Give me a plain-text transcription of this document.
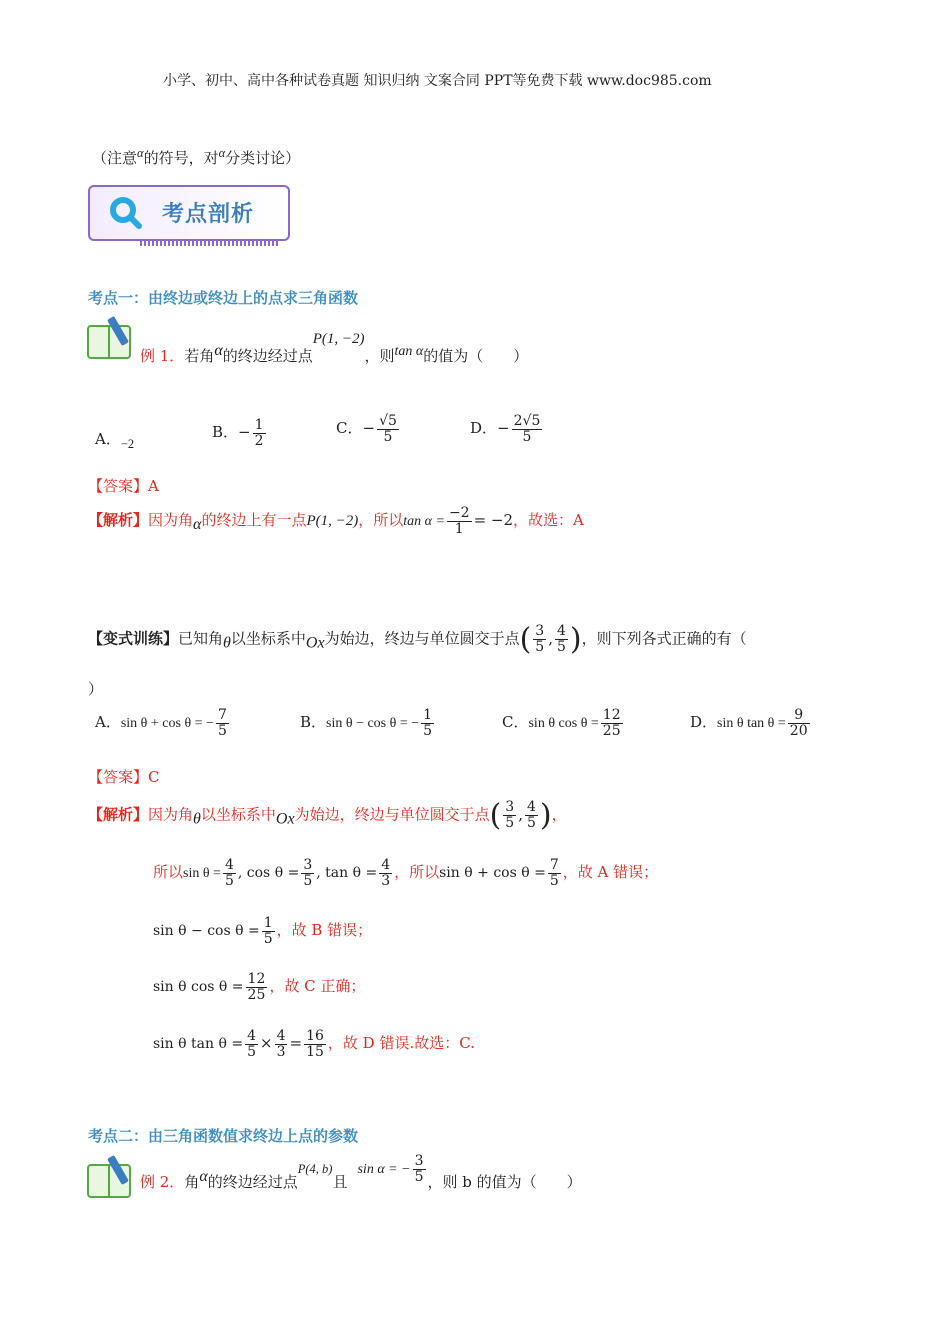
小学、初中、高中各种试卷真题 知识归纳 文案合同 PPT等免费下载 www.doc985.com
（注意$^\alpha$的符号，对$^\alpha$分类讨论）
考点剖析
考点一：由终边或终边上的点求三角函数
例 1．若角$^\alpha$的终边经过点$^{P(1, -2)}$，则$^{tan \alpha}$的值为（　　）
A．$_{-2}$
B．− $\frac{1}{2}$	C．− $\frac{√5}{5}$	D．− $\frac{2√5}{5}$
【答案】A
【解析】因为角$_\alpha$的终边上有一点P(1, −2)，所以$\tan \alpha = \frac{-2}{1} = -2$，故选：A
【变式训练】已知角$_\theta$以坐标系中$_{Ox}$为始边，终边与单位圆交于点( $\frac{3}{5}$ , $\frac{4}{5}$ )，则下列各式正确的有（
）
A．sin θ + cos θ = − $\frac{7}{5}$	B．sin θ − cos θ = − $\frac{1}{5}$	C．sin θ $\cos \theta = \frac{12}{25}$	D．sin θ $\tan \theta = \frac{9}{20}$
【答案】C
【解析】因为角$_\theta$以坐标系中$_{Ox}$为始边，终边与单位圆交于点( $\frac{3}{5}$ , $\frac{4}{5}$ )，
所以$\sin \theta = \frac{4}{5}$ , $\cos \theta = \frac{3}{5}$ , $\tan \theta = \frac{4}{3}$ ，所以$\sin \theta + \cos \theta = \frac{7}{5}$ ，故 A 错误；
$\sin \theta - \cos \theta = \frac{1}{5}$ ，故 B 错误；
sin θ $\cos \theta = \frac{12}{25}$ ，故 C 正确；
sin θ $\tan \theta = \frac{4}{5} \times \frac{4}{3} = \frac{16}{15}$ ，故 D 错误.故选：C.
考点二：由三角函数值求终边上点的参数
例 2．角$^\alpha$的终边经过点$^{P(4, b)}$且sin α = − $\frac{3}{5}$ ，则 b 的值为（　　）
